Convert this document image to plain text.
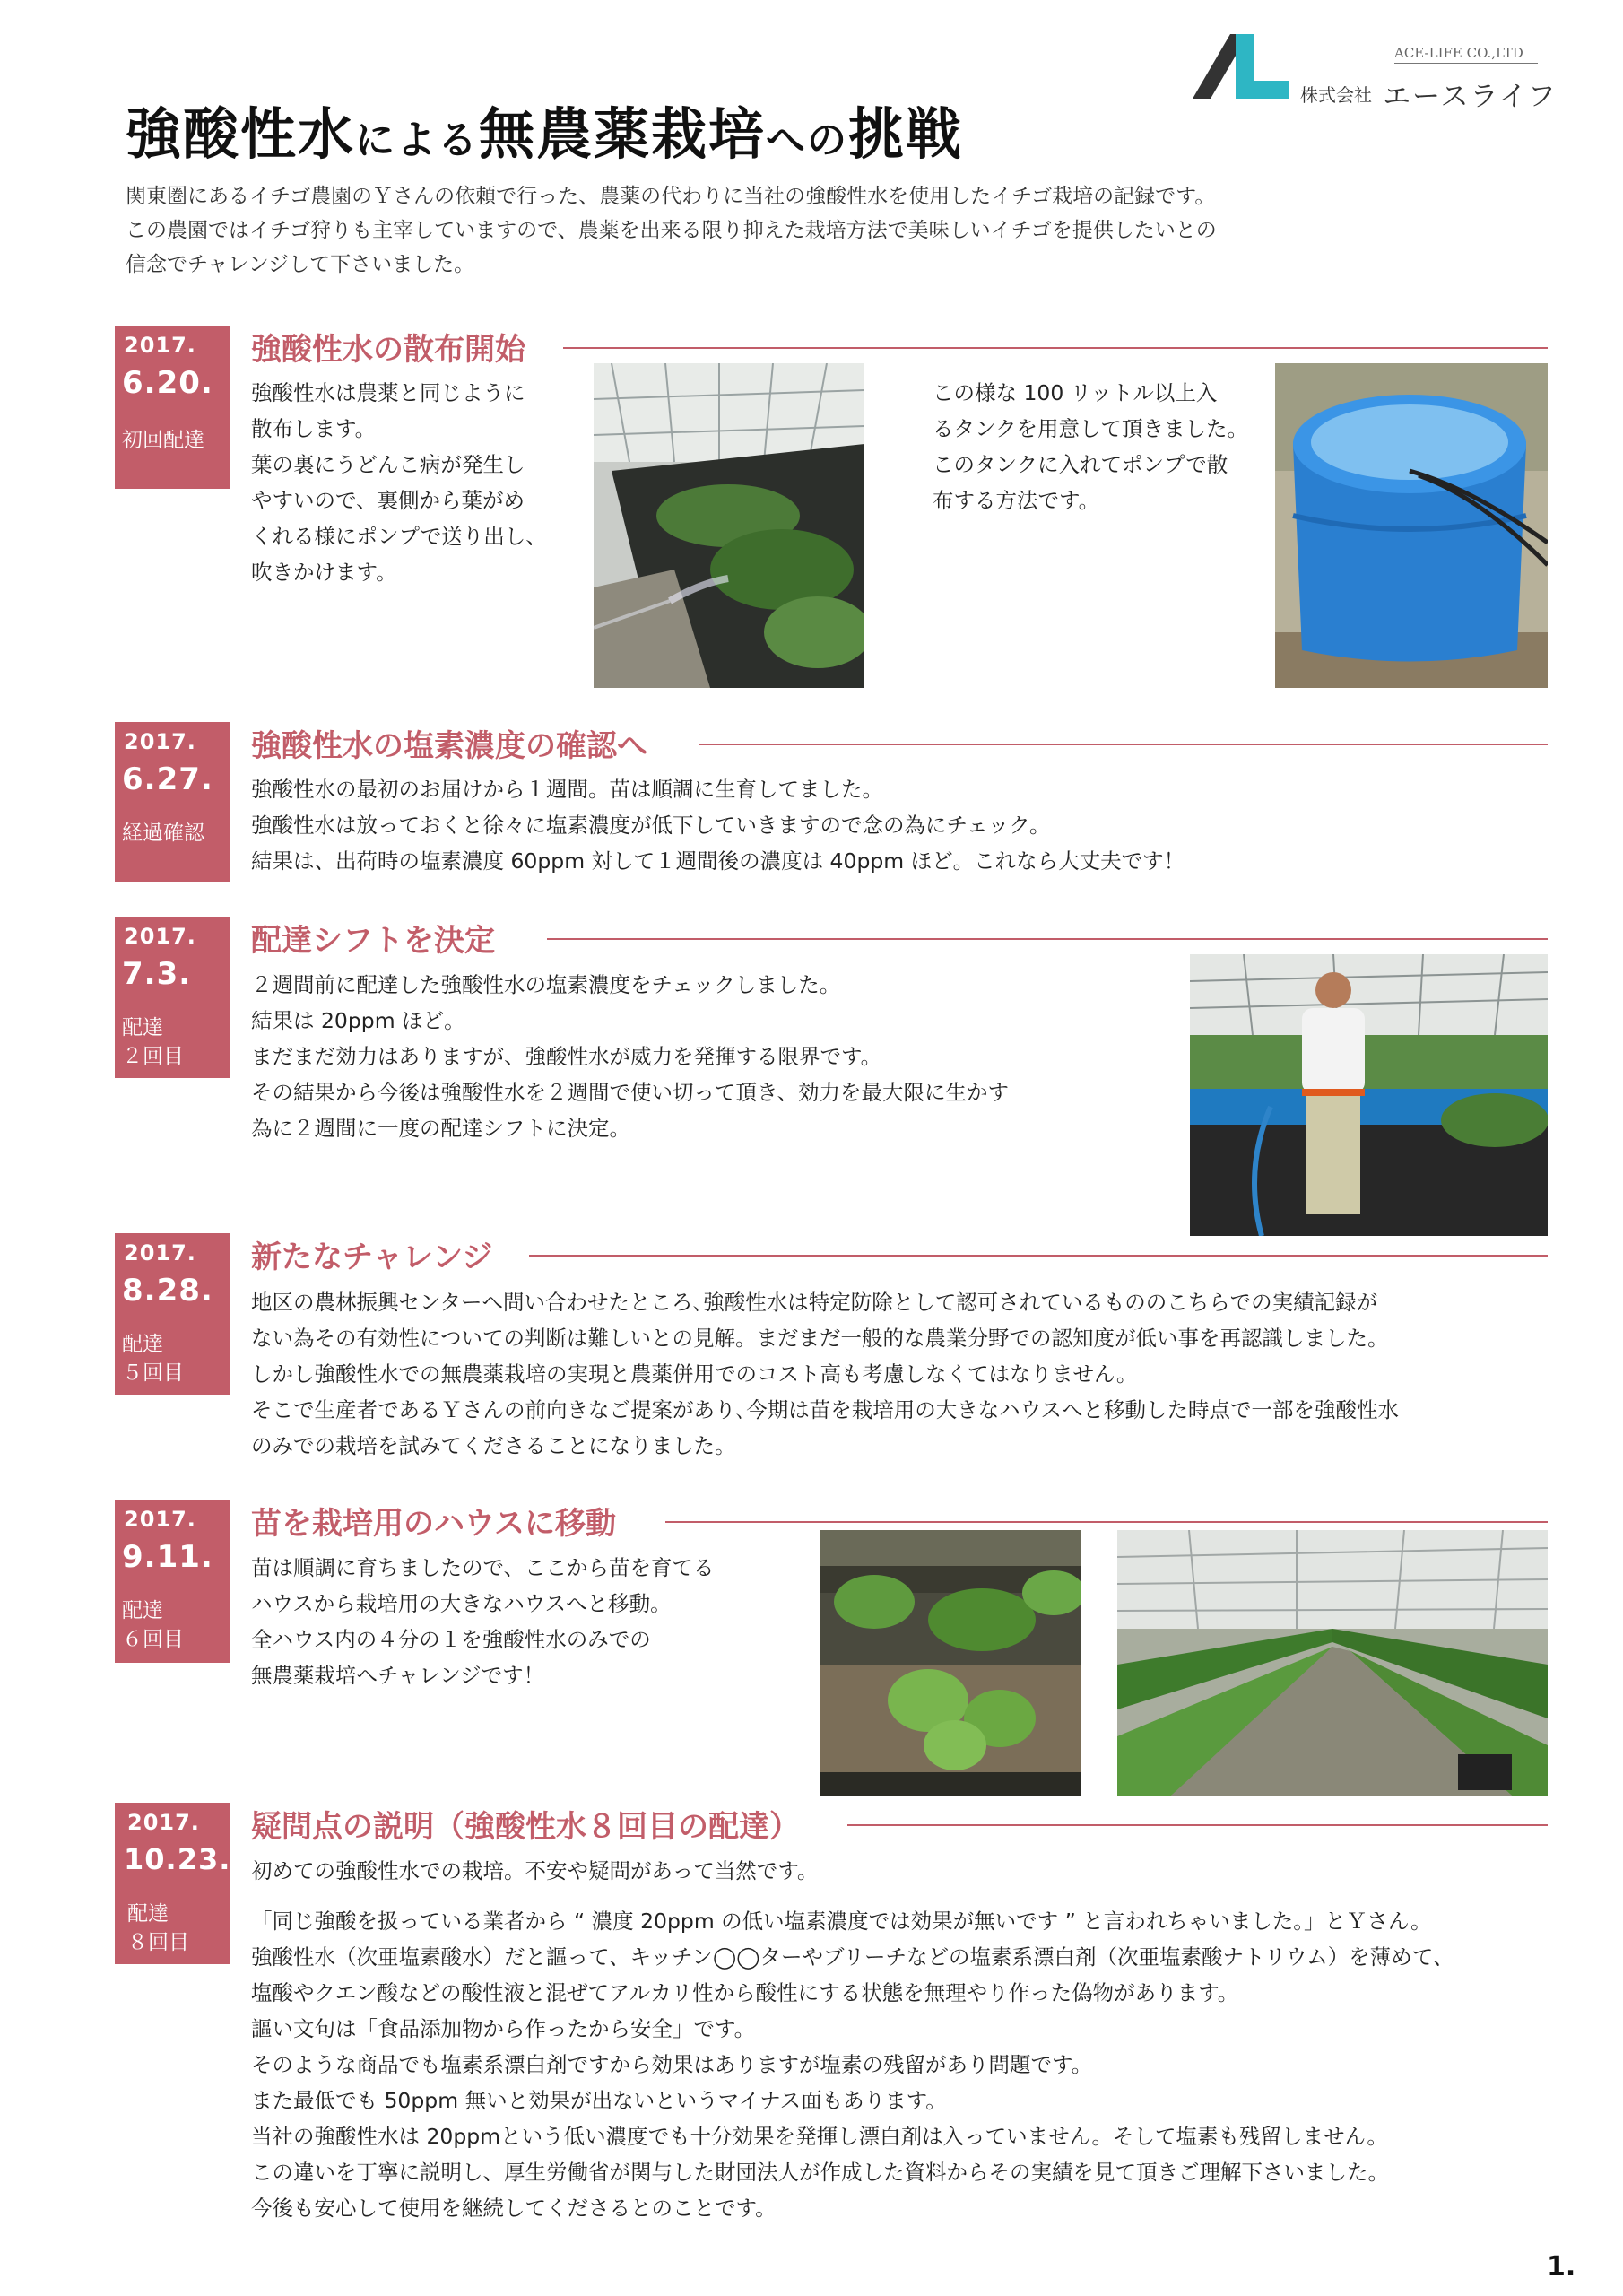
ACE-LIFE CO.,LTD
株式会社 エースライフ
強酸性水による無農薬栽培への挑戦
関東圏にあるイチゴ農園のＹさんの依頼で行った、農薬の代わりに当社の強酸性水を使用したイチゴ栽培の記録です。
この農園ではイチゴ狩りも主宰していますので、農薬を出来る限り抑えた栽培方法で美味しいイチゴを提供したいとの
信念でチャレンジして下さいました。
2017.
6.20.
初回配達
強酸性水の散布開始
強酸性水は農薬と同じように
散布します。
葉の裏にうどんこ病が発生し
やすいので、裏側から葉がめ
くれる様にポンプで送り出し、
吹きかけます。
この様な 100 リットル以上入
るタンクを用意して頂きました。
このタンクに入れてポンプで散
布する方法です。
2017.
6.27.
経過確認
強酸性水の塩素濃度の確認へ
強酸性水の最初のお届けから１週間。苗は順調に生育してました。
強酸性水は放っておくと徐々に塩素濃度が低下していきますので念の為にチェック。
結果は、出荷時の塩素濃度 60ppm 対して１週間後の濃度は 40ppm ほど。これなら大丈夫です！
2017.
7.3.
配達
２回目
配達シフトを決定
２週間前に配達した強酸性水の塩素濃度をチェックしました。
結果は 20ppm ほど。
まだまだ効力はありますが、強酸性水が威力を発揮する限界です。
その結果から今後は強酸性水を２週間で使い切って頂き、効力を最大限に生かす
為に２週間に一度の配達シフトに決定。
2017.
8.28.
配達
５回目
新たなチャレンジ
地区の農林振興センターへ問い合わせたところ､強酸性水は特定防除として認可されているもののこちらでの実績記録が
ない為その有効性についての判断は難しいとの見解。まだまだ一般的な農業分野での認知度が低い事を再認識しました。
しかし強酸性水での無農薬栽培の実現と農薬併用でのコスト高も考慮しなくてはなりません。
そこで生産者であるＹさんの前向きなご提案があり､今期は苗を栽培用の大きなハウスへと移動した時点で一部を強酸性水
のみでの栽培を試みてくださることになりました。
2017.
9.11.
配達
６回目
苗を栽培用のハウスに移動
苗は順調に育ちましたので、ここから苗を育てる
ハウスから栽培用の大きなハウスへと移動。
全ハウス内の４分の１を強酸性水のみでの
無農薬栽培へチャレンジです！
2017.
10.23.
配達
８回目
疑問点の説明（強酸性水８回目の配達）
初めての強酸性水での栽培。不安や疑問があって当然です。
「同じ強酸を扱っている業者から “ 濃度 20ppm の低い塩素濃度では効果が無いです ” と言われちゃいました。」とＹさん。
強酸性水（次亜塩素酸水）だと謳って、キッチン◯◯ターやブリーチなどの塩素系漂白剤（次亜塩素酸ナトリウム）を薄めて、
塩酸やクエン酸などの酸性液と混ぜてアルカリ性から酸性にする状態を無理やり作った偽物があります。
謳い文句は「食品添加物から作ったから安全」です。
そのような商品でも塩素系漂白剤ですから効果はありますが塩素の残留があり問題です。
また最低でも 50ppm 無いと効果が出ないというマイナス面もあります。
当社の強酸性水は 20ppmという低い濃度でも十分効果を発揮し漂白剤は入っていません。そして塩素も残留しません。
この違いを丁寧に説明し、厚生労働省が関与した財団法人が作成した資料からその実績を見て頂きご理解下さいました。
今後も安心して使用を継続してくださるとのことです。
1.
